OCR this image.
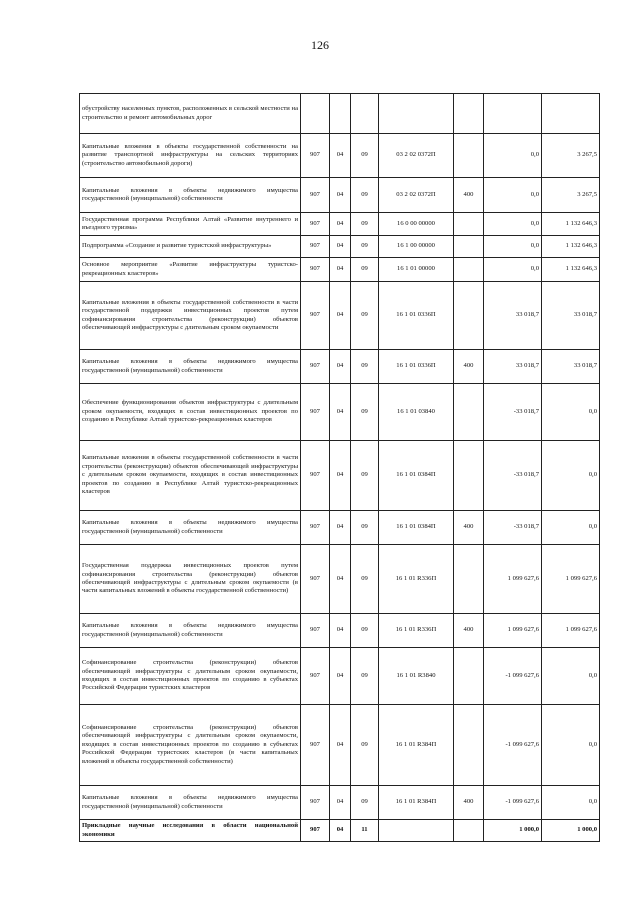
126
обустройству населенных пунктов, расположенных в сельской местности на строительство и ремонт автомобильных дорог							
Капитальные вложения в объекты государственной собственности на развитие транспортной инфраструктуры на сельских территориях (строительство автомобильной дороги)	907	04	09	03 2 02 0372П		0,0	3 267,5
Капитальные вложения в объекты недвижимого имущества государственной (муниципальной) собственности	907	04	09	03 2 02 0372П	400	0,0	3 267,5
Государственная программа Республики Алтай «Развитие внутреннего и въездного туризма»	907	04	09	16 0 00 00000		0,0	1 132 646,3
Подпрограмма «Создание и развитие туристской инфраструктуры»	907	04	09	16 1 00 00000		0,0	1 132 646,3
Основное мероприятие «Развитие инфраструктуры туристско-рекреационных кластеров»	907	04	09	16 1 01 00000		0,0	1 132 646,3
Капитальные вложения в объекты государственной собственности в части государственной поддержки инвестиционных проектов путем софинансирования строительства (реконструкции) объектов обеспечивающей инфраструктуры с длительным сроком окупаемости	907	04	09	16 1 01 0336П		33 018,7	33 018,7
Капитальные вложения в объекты недвижимого имущества государственной (муниципальной) собственности	907	04	09	16 1 01 0336П	400	33 018,7	33 018,7
Обеспечение функционирования объектов инфраструктуры с длительным сроком окупаемости, входящих в состав инвестиционных проектов по созданию в Республике Алтай туристско-рекреационных кластеров	907	04	09	16 1 01 03840		-33 018,7	0,0
Капитальные вложения в объекты государственной собственности в части строительства (реконструкции) объектов обеспечивающей инфраструктуры с длительным сроком окупаемости, входящих в состав инвестиционных проектов по созданию в Республике Алтай туристско-рекреационных кластеров	907	04	09	16 1 01 0384П		-33 018,7	0,0
Капитальные вложения в объекты недвижимого имущества государственной (муниципальной) собственности	907	04	09	16 1 01 0384П	400	-33 018,7	0,0
Государственная поддержка инвестиционных проектов путем софинансирования строительства (реконструкции) объектов обеспечивающей инфраструктуры с длительным сроком окупаемости (в части капитальных вложений в объекты государственной собственности)	907	04	09	16 1 01 R336П		1 099 627,6	1 099 627,6
Капитальные вложения в объекты недвижимого имущества государственной (муниципальной) собственности	907	04	09	16 1 01 R336П	400	1 099 627,6	1 099 627,6
Софинансирование строительства (реконструкции) объектов обеспечивающей инфраструктуры с длительным сроком окупаемости, входящих в состав инвестиционных проектов по созданию в субъектах Российской Федерации туристских кластеров	907	04	09	16 1 01 R3840		-1 099 627,6	0,0
Софинансирование строительства (реконструкции) объектов обеспечивающей инфраструктуры с длительным сроком окупаемости, входящих в состав инвестиционных проектов по созданию в субъектах Российской Федерации туристских кластеров (в части капитальных вложений в объекты государственной собственности)	907	04	09	16 1 01 R384П		-1 099 627,6	0,0
Капитальные вложения в объекты недвижимого имущества государственной (муниципальной) собственности	907	04	09	16 1 01 R384П	400	-1 099 627,6	0,0
Прикладные научные исследования в области национальной экономики	907	04	11			1 000,0	1 000,0
